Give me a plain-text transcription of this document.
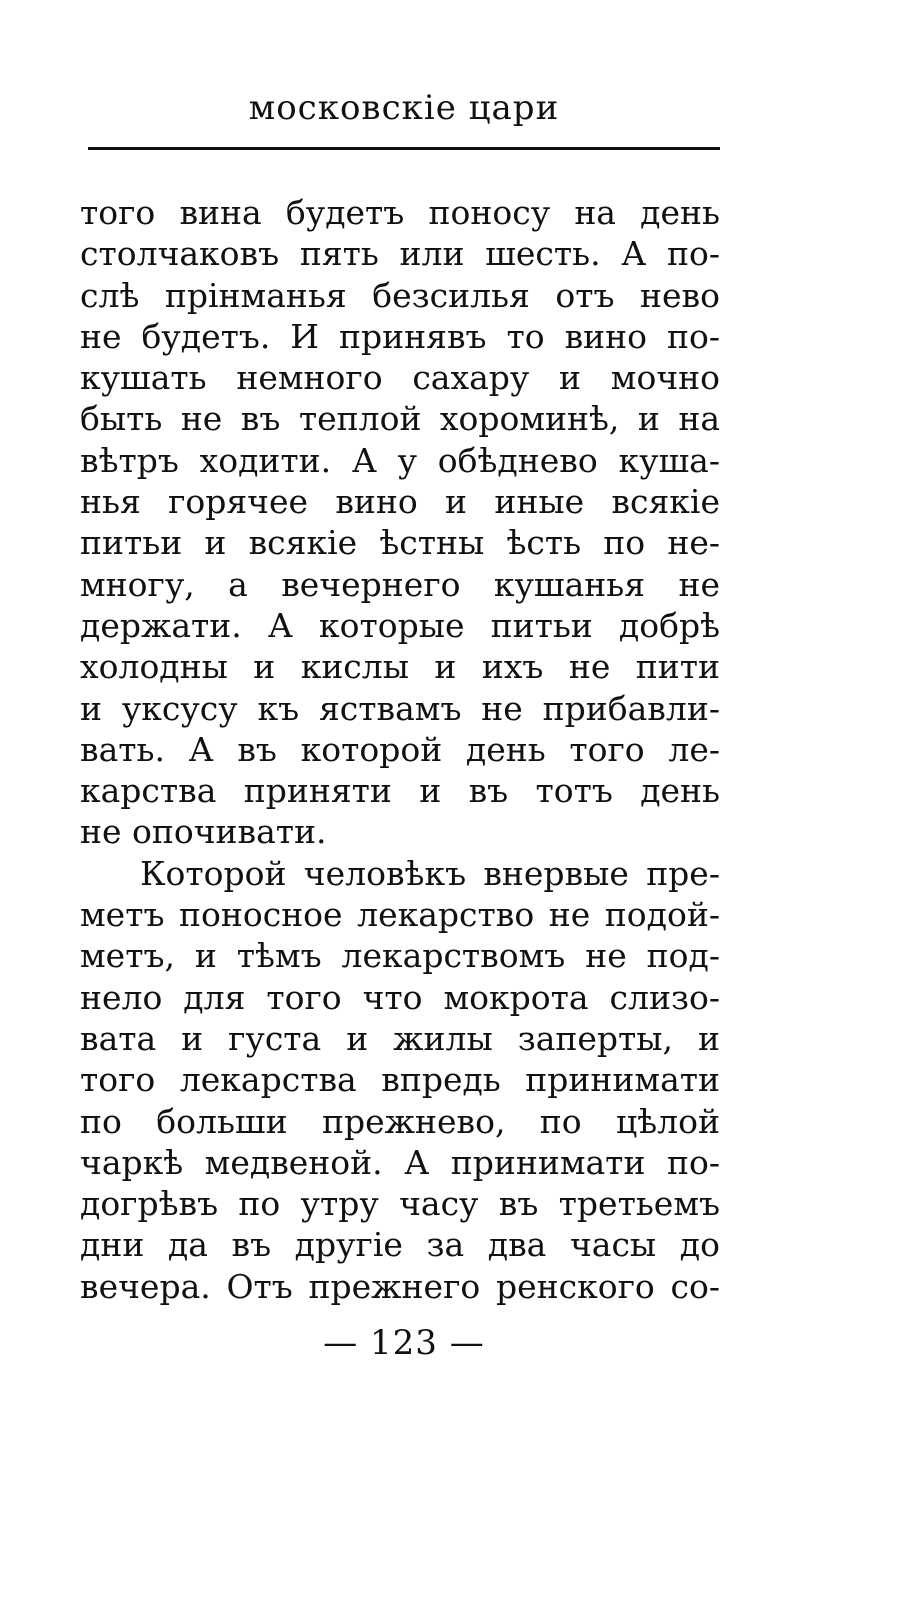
московскіе цари
того вина будетъ поносу на день
столчаковъ пять или шесть. А по-
слѣ прінманья безсилья отъ нево
не будетъ. И принявъ то вино по-
кушать немного сахару и мочно
быть не въ теплой хороминѣ, и на
вѣтръ ходити. А у обѣднево куша-
нья горячее вино и иные всякіе
питьи и всякіе ѣстны ѣсть по не-
многу, а вечернего кушанья не
держати. А которые питьи добрѣ
холодны и кислы и ихъ не пити
и уксусу къ яствамъ не прибавли-
вать. А въ которой день того ле-
карства приняти и въ тотъ день
не опочивати.
Которой человѣкъ внервые пре-
метъ поносное лекарство не подой-
метъ, и тѣмъ лекарствомъ не под-
нело для того что мокрота слизо-
вата и густа и жилы заперты, и
того лекарства впредь принимати
по больши прежнево, по цѣлой
чаркѣ медвеной. А принимати по-
догрѣвъ по утру часу въ третьемъ
дни да въ другіе за два часы до
вечера. Отъ прежнего ренского со-
— 123 —
